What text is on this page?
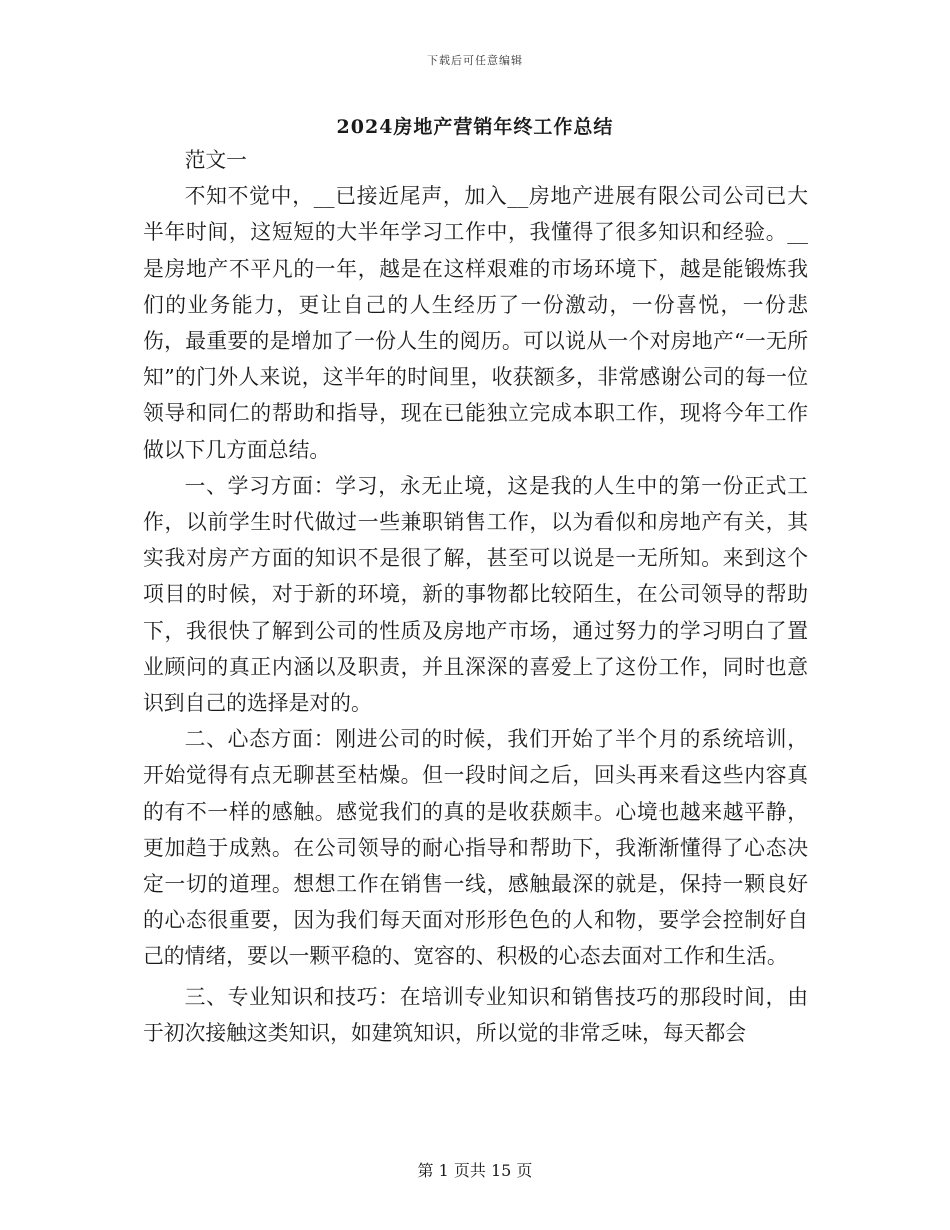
下载后可任意编辑
2024房地产营销年终工作总结

范文一

不知不觉中，__已接近尾声，加入__房地产进展有限公司公司已大半年时间，这短短的大半年学习工作中，我懂得了很多知识和经验。__是房地产不平凡的一年，越是在这样艰难的市场环境下，越是能锻炼我们的业务能力，更让自己的人生经历了一份激动，一份喜悦，一份悲伤，最重要的是增加了一份人生的阅历。可以说从一个对房地产“一无所知”的门外人来说，这半年的时间里，收获额多，非常感谢公司的每一位领导和同仁的帮助和指导，现在已能独立完成本职工作，现将今年工作做以下几方面总结。

一、学习方面：学习，永无止境，这是我的人生中的第一份正式工作，以前学生时代做过一些兼职销售工作，以为看似和房地产有关，其实我对房产方面的知识不是很了解，甚至可以说是一无所知。来到这个项目的时候，对于新的环境，新的事物都比较陌生，在公司领导的帮助下，我很快了解到公司的性质及房地产市场，通过努力的学习明白了置业顾问的真正内涵以及职责，并且深深的喜爱上了这份工作，同时也意识到自己的选择是对的。

二、心态方面：刚进公司的时候，我们开始了半个月的系统培训，开始觉得有点无聊甚至枯燥。但一段时间之后，回头再来看这些内容真的有不一样的感触。感觉我们的真的是收获颇丰。心境也越来越平静，更加趋于成熟。在公司领导的耐心指导和帮助下，我渐渐懂得了心态决定一切的道理。想想工作在销售一线，感触最深的就是，保持一颗良好的心态很重要，因为我们每天面对形形色色的人和物，要学会控制好自己的情绪，要以一颗平稳的、宽容的、积极的心态去面对工作和生活。

三、专业知识和技巧：在培训专业知识和销售技巧的那段时间，由于初次接触这类知识，如建筑知识，所以觉的非常乏味，每天都会

第 1 页共 15 页
